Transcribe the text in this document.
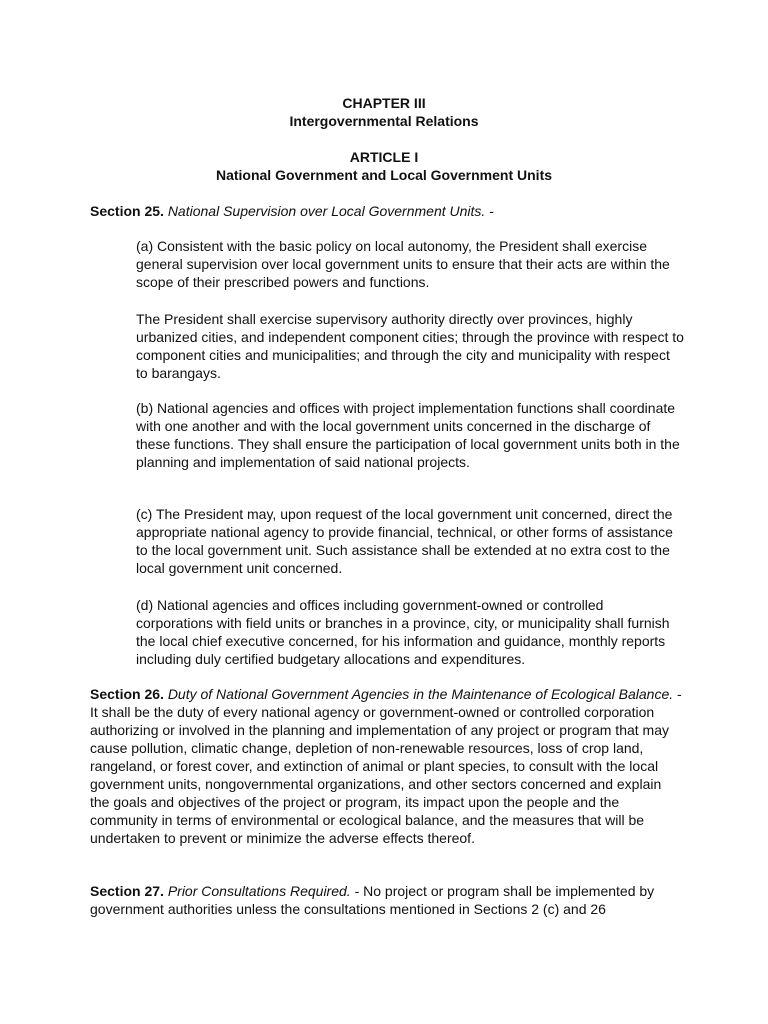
CHAPTER III
Intergovernmental Relations
ARTICLE I
National Government and Local Government Units
Section 25. National Supervision over Local Government Units. -
(a) Consistent with the basic policy on local autonomy, the President shall exercise general supervision over local government units to ensure that their acts are within the scope of their prescribed powers and functions.
The President shall exercise supervisory authority directly over provinces, highly urbanized cities, and independent component cities; through the province with respect to component cities and municipalities; and through the city and municipality with respect to barangays.
(b) National agencies and offices with project implementation functions shall coordinate with one another and with the local government units concerned in the discharge of these functions. They shall ensure the participation of local government units both in the planning and implementation of said national projects.
(c) The President may, upon request of the local government unit concerned, direct the appropriate national agency to provide financial, technical, or other forms of assistance to the local government unit. Such assistance shall be extended at no extra cost to the local government unit concerned.
(d) National agencies and offices including government-owned or controlled corporations with field units or branches in a province, city, or municipality shall furnish the local chief executive concerned, for his information and guidance, monthly reports including duly certified budgetary allocations and expenditures.
Section 26. Duty of National Government Agencies in the Maintenance of Ecological Balance. - It shall be the duty of every national agency or government-owned or controlled corporation authorizing or involved in the planning and implementation of any project or program that may cause pollution, climatic change, depletion of non-renewable resources, loss of crop land, rangeland, or forest cover, and extinction of animal or plant species, to consult with the local government units, nongovernmental organizations, and other sectors concerned and explain the goals and objectives of the project or program, its impact upon the people and the community in terms of environmental or ecological balance, and the measures that will be undertaken to prevent or minimize the adverse effects thereof.
Section 27. Prior Consultations Required. - No project or program shall be implemented by government authorities unless the consultations mentioned in Sections 2 (c) and 26
